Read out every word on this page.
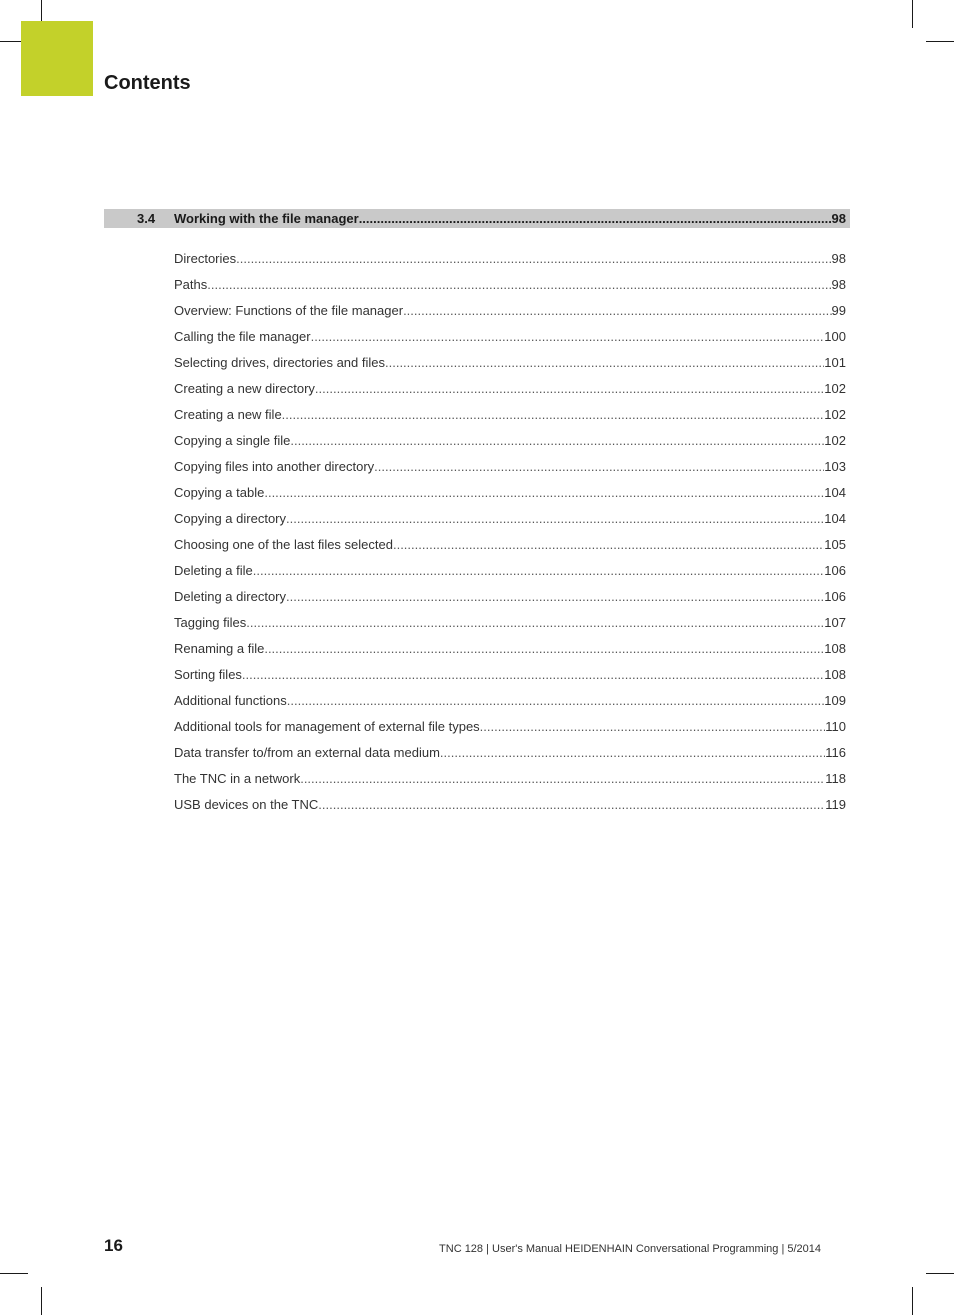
Contents
3.4	Working with the file manager .....	98
Directories .....	98
Paths .....	98
Overview: Functions of the file manager .....	99
Calling the file manager .....	100
Selecting drives, directories and files .....	101
Creating a new directory .....	102
Creating a new file .....	102
Copying a single file .....	102
Copying files into another directory .....	103
Copying a table .....	104
Copying a directory .....	104
Choosing one of the last files selected .....	105
Deleting a file .....	106
Deleting a directory .....	106
Tagging files .....	107
Renaming a file .....	108
Sorting files .....	108
Additional functions .....	109
Additional tools for management of external file types .....	110
Data transfer to/from an external data medium .....	116
The TNC in a network .....	118
USB devices on the TNC .....	119
16	TNC 128 | User's Manual HEIDENHAIN Conversational Programming | 5/2014
